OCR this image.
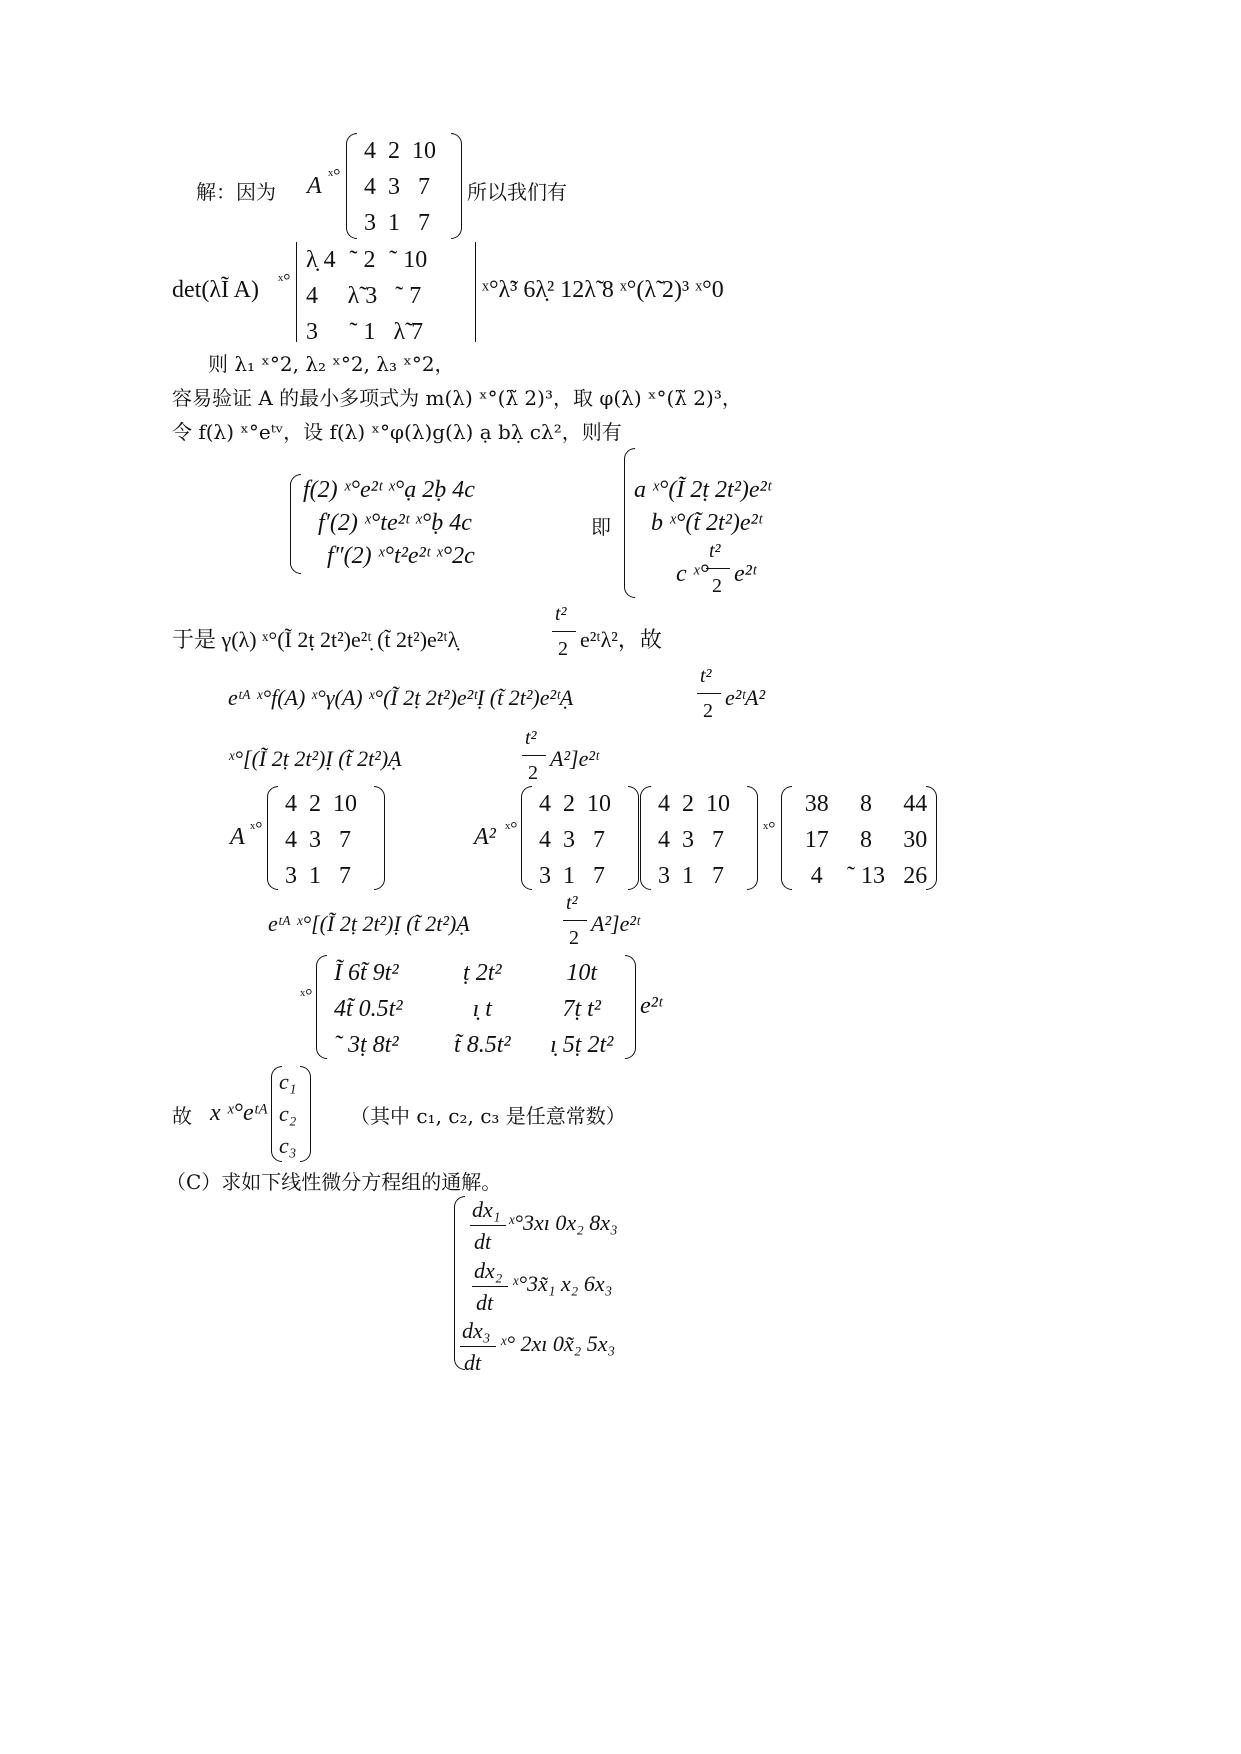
解：因为 A ˣ°
4	2	10
4	3	7
3	1	7
所以我们有
det(λĨ A) ˣ°
λ̣ 4	˜ 2	˜ 10
4	λ̃ 3	˜ 7
3	˜ 1	λ̃ 7
ˣ°λ̃³ 6λ̣² 12λ̃ 8 ˣ°(λ̃ 2)³ ˣ°0
则 λ₁ ˣ°2, λ₂ ˣ°2, λ₃ ˣ°2，
容易验证 A 的最小多项式为 m(λ) ˣ°(λ̃ 2)³，取 φ(λ) ˣ°(λ̃ 2)³，
令 f(λ) ˣ°eᵗᵛ，设 f(λ) ˣ°φ(λ)g(λ) ạ bλ̣ cλ²，则有
f(2) ˣ°e²ᵗ ˣ°ạ 2ḅ 4c
f′(2) ˣ°te²ᵗ ˣ°ḅ 4c
f″(2) ˣ°t²e²ᵗ ˣ°2c
即
a ˣ°(Ĩ 2ṭ 2t²)e²ᵗ
b ˣ°(t̃ 2t²)e²ᵗ
c ˣ°
t²
2 e²ᵗ
于是 γ(λ) ˣ°(Ĩ 2ṭ 2t²)e²ᵗ̣ (t̃ 2t²)e²ᵗλ̣
t²
2 e²ᵗλ²，故
eᵗᴬ ˣ°f(A) ˣ°γ(A) ˣ°(Ĩ 2ṭ 2t²)e²ᵗỊ (t̃ 2t²)e²ᵗẠ
t²
2
e²ᵗA²
ˣ°[(Ĩ 2ṭ 2t²)Ị (t̃ 2t²)Ạ
t²
2
A²]e²ᵗ
A ˣ°
4	2	10
4	3	7
3	1	7
A² ˣ°
4	2	10
4	3	7
3	1	7
4	2	10
4	3	7
3	1	7
ˣ°
38	8	44
17	8	30
4	˜ 13	26
eᵗᴬ ˣ°[(Ĩ 2ṭ 2t²)Ị (t̃ 2t²)Ạ
t²
2
A²]e²ᵗ
ˣ°
Ĩ 6t̃ 9t²	ṭ 2t²	10t
4t̃ 0.5t²	ı̣ t	7ṭ t²
˜ 3ṭ 8t²	t̃ 8.5t²	ı̣ 5ṭ 2t²
e²ᵗ
故 x ˣ°eᵗᴬ
c₁
c₂
c₃
（其中 c₁, c₂, c₃ 是任意常数）
（C）求如下线性微分方程组的通解。
dx₁
dt
ˣ°3xı 0x₂ 8x₃
dx₂
dt
ˣ°3x̃₁ x₂ 6x₃
dx₃
dt
ˣ° 2xı 0x̃₂ 5x₃
